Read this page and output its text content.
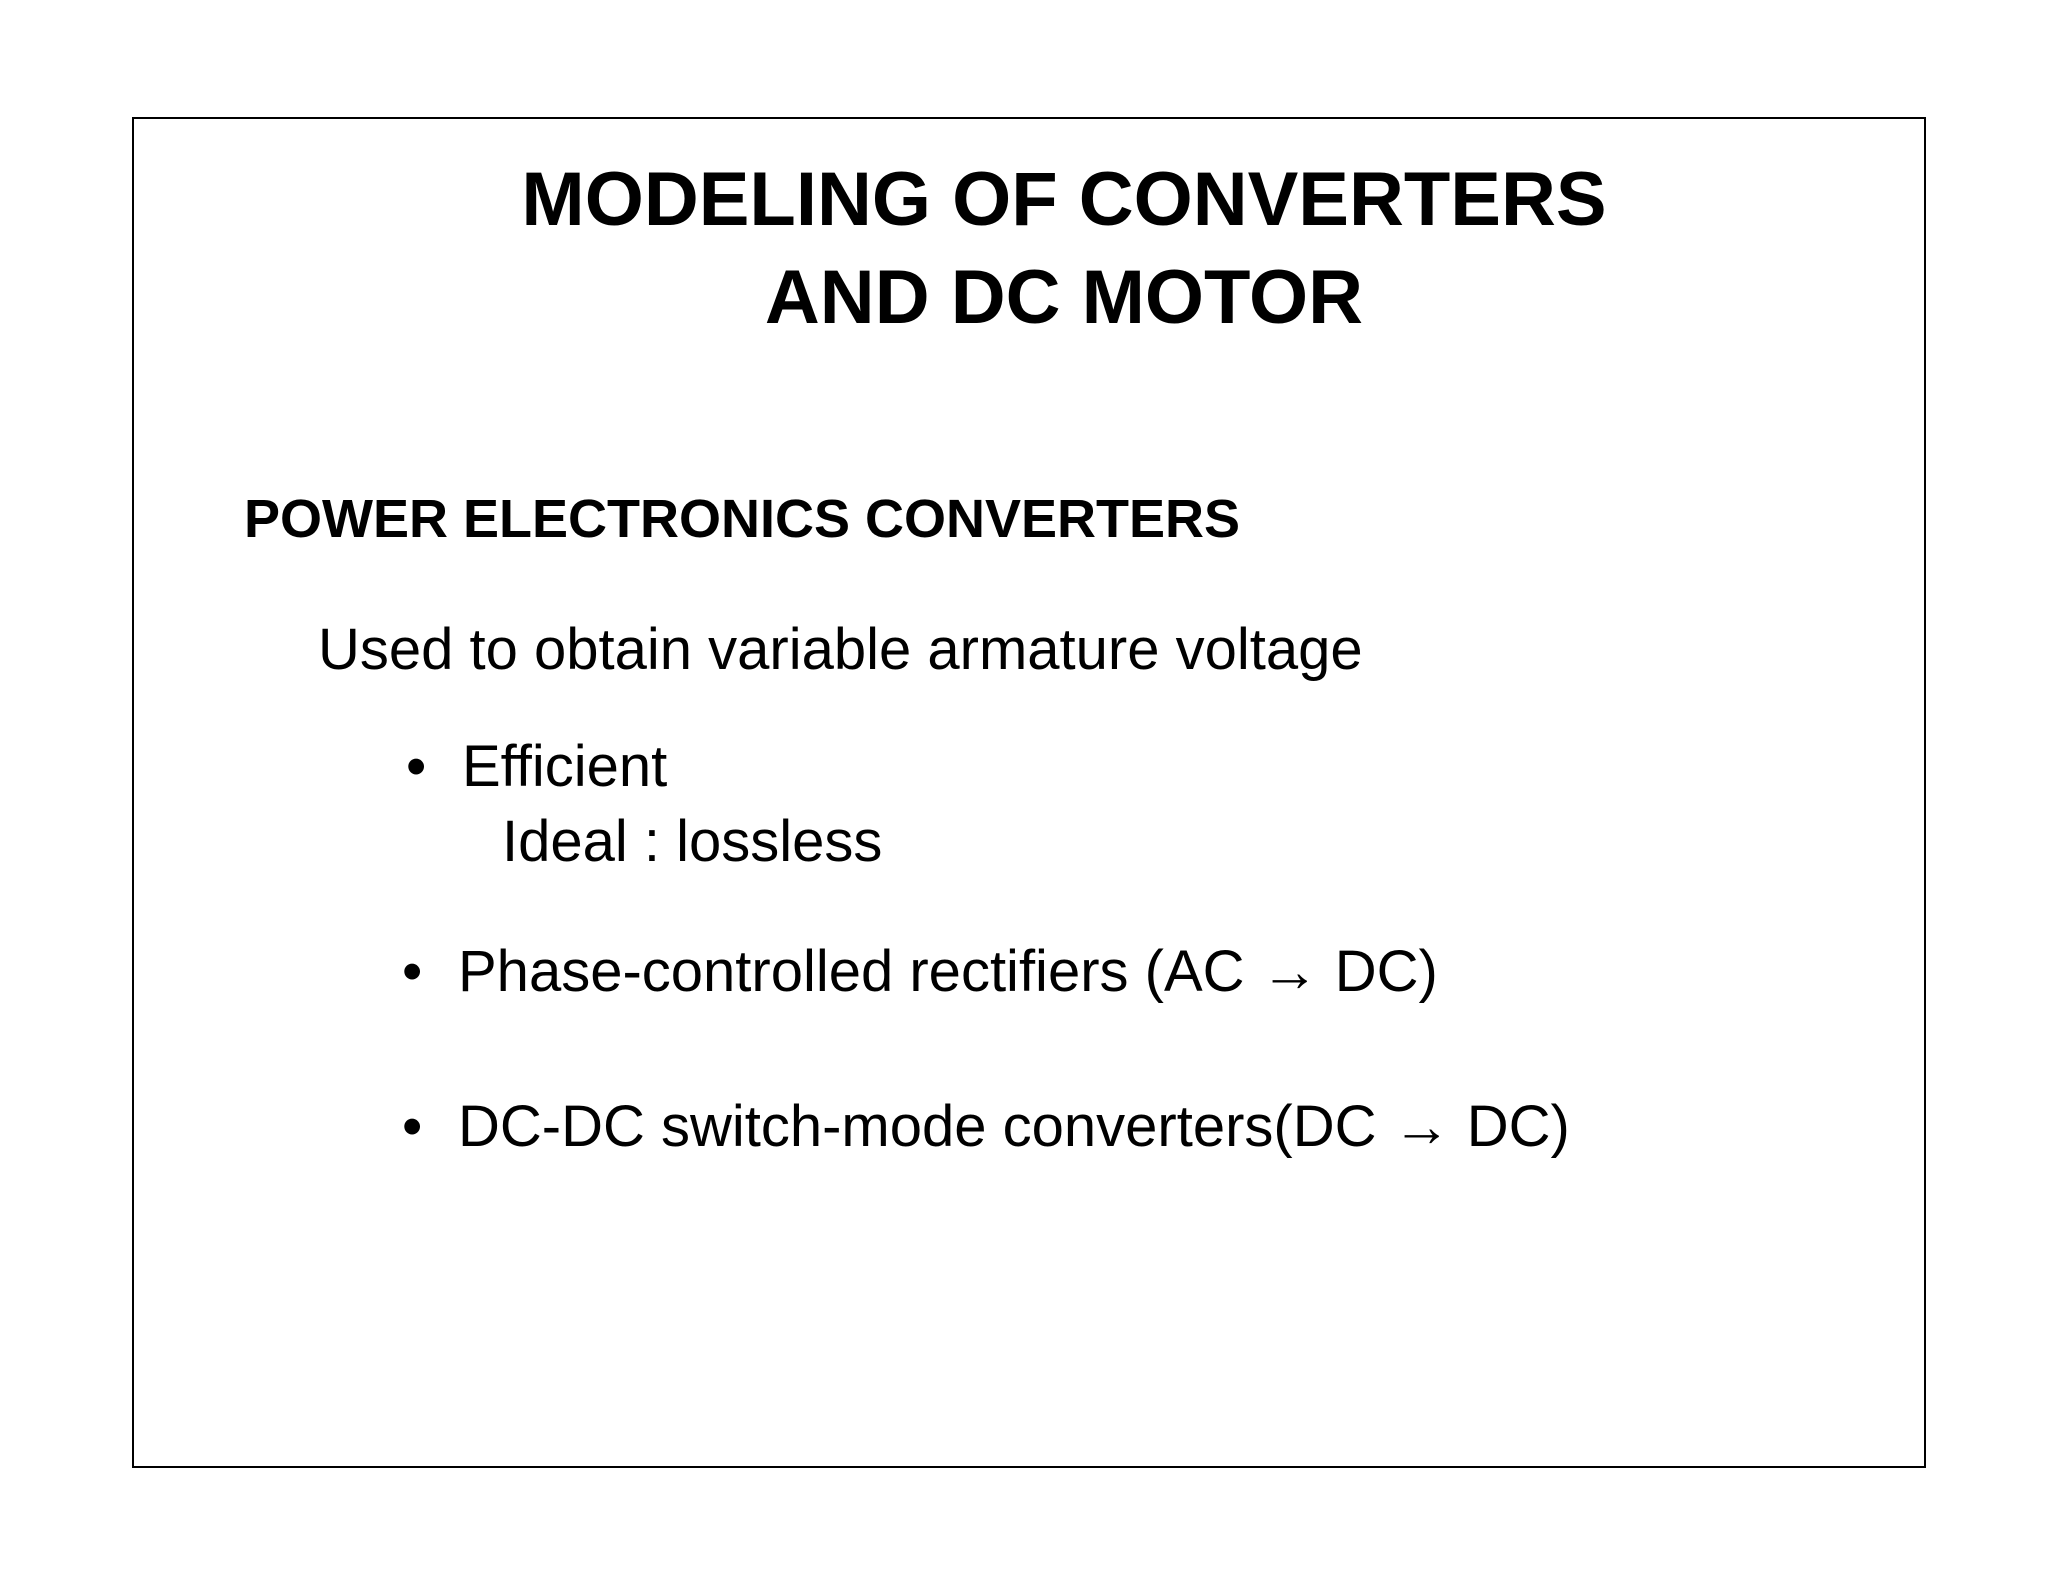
MODELING OF CONVERTERS
AND DC MOTOR
POWER ELECTRONICS CONVERTERS
Used to obtain variable armature voltage
• Efficient
Ideal : lossless
• Phase-controlled rectifiers (AC → DC)
• DC-DC switch-mode converters(DC → DC)
